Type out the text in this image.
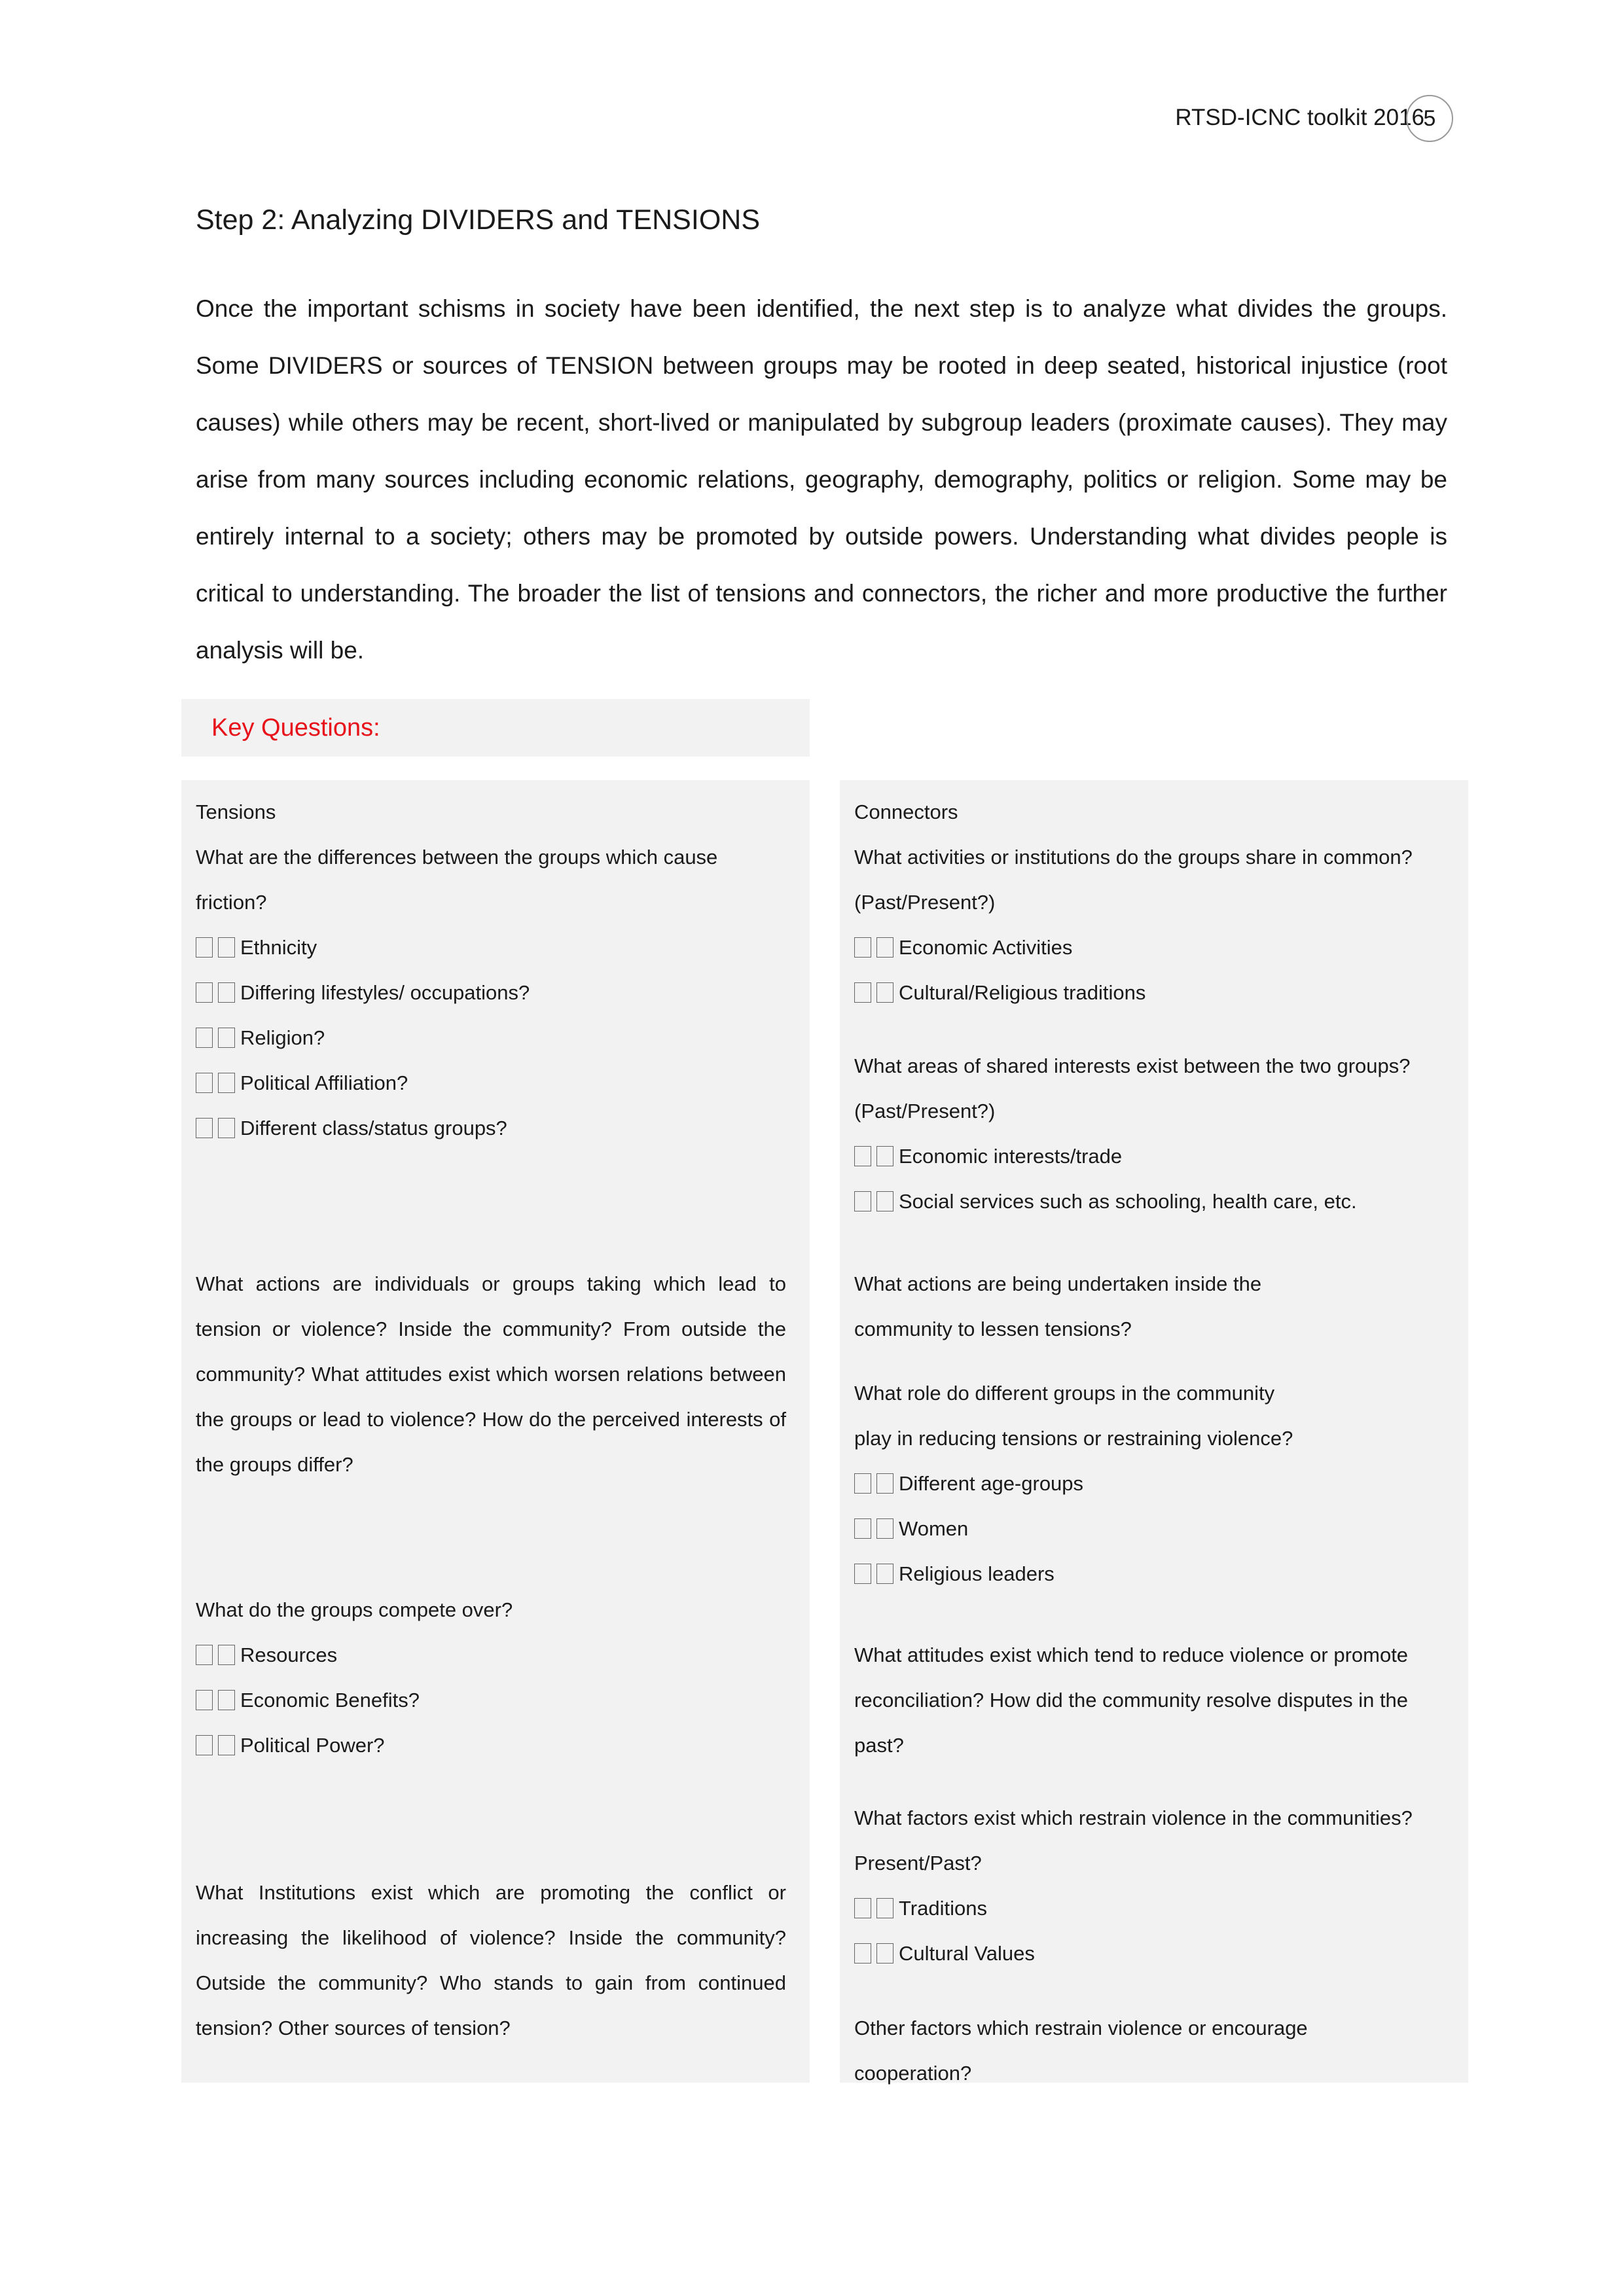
RTSD-ICNC toolkit 2016
5
Step 2: Analyzing DIVIDERS and TENSIONS

Once the important schisms in society have been identified, the next step is to analyze what divides the groups. Some DIVIDERS or sources of TENSION between groups may be rooted in deep seated, historical injustice (root causes) while others may be recent, short-lived or manipulated by subgroup leaders (proximate causes). They may arise from many sources including economic relations, geography, demography, politics or religion. Some may be entirely internal to a society; others may be promoted by outside powers. Understanding what divides people is critical to understanding. The broader the list of tensions and connectors, the richer and more productive the further analysis will be.

Key Questions:
Tensions

What are the differences between the groups which cause friction?

Ethnicity
Differing lifestyles/ occupations?
Religion?
Political Affiliation?
Different class/status groups?

What actions are individuals or groups taking which lead to tension or violence? Inside the community? From outside the community? What attitudes exist which worsen relations between the groups or lead to violence? How do the perceived interests of the groups differ?

What do the groups compete over?

Resources
Economic Benefits?
Political Power?

What Institutions exist which are promoting the conflict or increasing the likelihood of violence? Inside the community? Outside the community? Who stands to gain from continued tension? Other sources of tension?

Connectors

What activities or institutions do the groups share in common?

(Past/Present?)

Economic Activities
Cultural/Religious traditions

What areas of shared interests exist between the two groups?

(Past/Present?)

Economic interests/trade
Social services such as schooling, health care, etc.

What actions are being undertaken inside the

community to lessen tensions?

What role do different groups in the community

play in reducing tensions or restraining violence?

Different age-groups
Women
Religious leaders

What attitudes exist which tend to reduce violence or promote reconciliation? How did the community resolve disputes in the past?

What factors exist which restrain violence in the communities?

Present/Past?

Traditions
Cultural Values

Other factors which restrain violence or encourage

cooperation?
